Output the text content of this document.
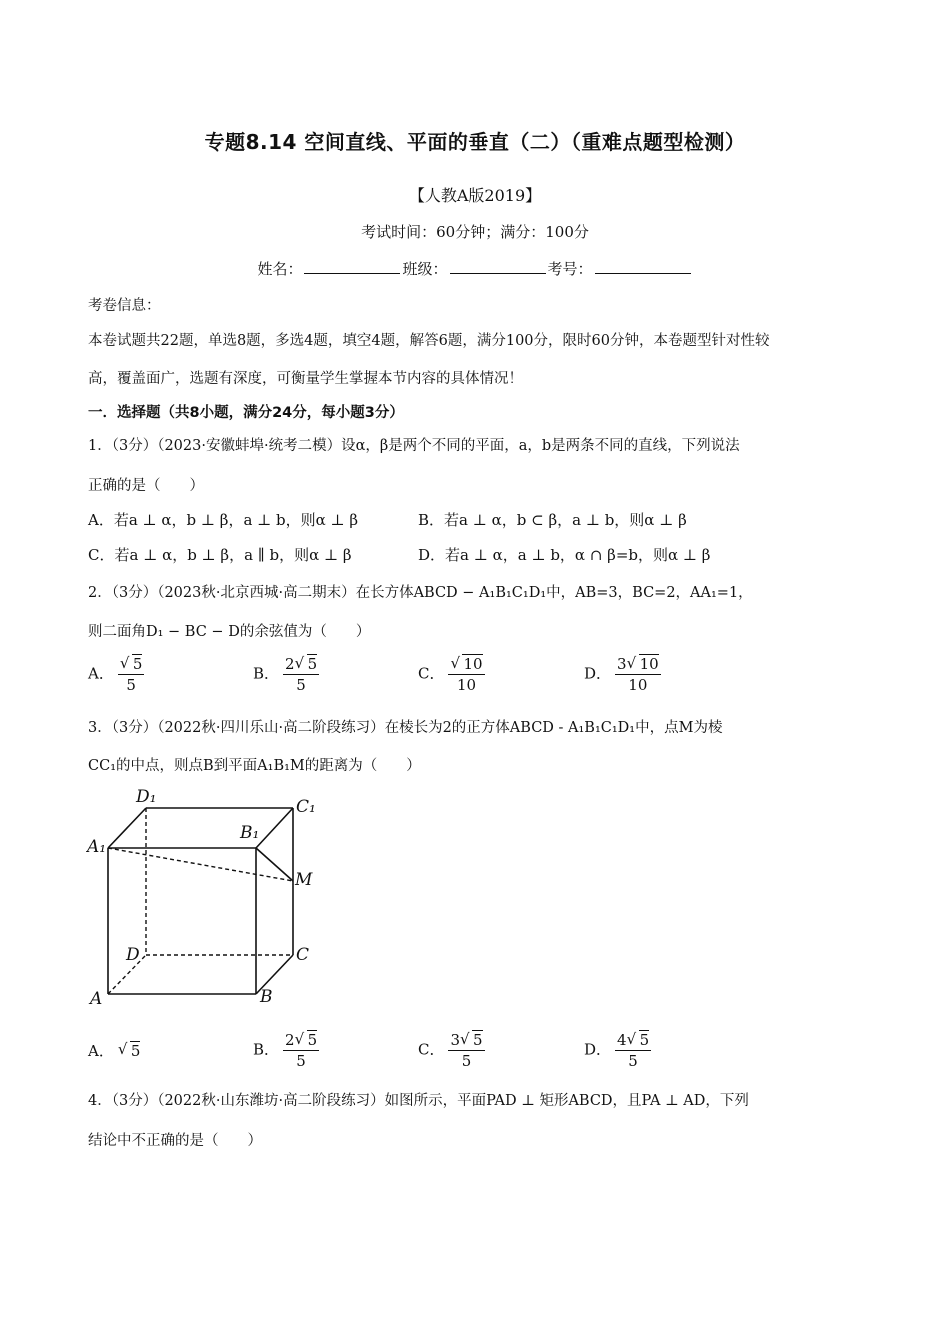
专题8.14 空间直线、平面的垂直（二）（重难点题型检测）
【人教A版2019】
考试时间：60分钟；满分：100分
姓名：	班级：	考号：
考卷信息：
本卷试题共22题，单选8题，多选4题，填空4题，解答6题，满分100分，限时60分钟，本卷题型针对性较
高，覆盖面广，选题有深度，可衡量学生掌握本节内容的具体情况！
一．选择题（共8小题，满分24分，每小题3分）
1．（3分）（2023·安徽蚌埠·统考二模）设α，β是两个不同的平面，a，b是两条不同的直线，下列说法
正确的是（　　）
A．若a ⊥ α，b ⊥ β，a ⊥ b，则α ⊥ β	B．若a ⊥ α，b ⊂ β，a ⊥ b，则α ⊥ β
C．若a ⊥ α，b ⊥ β，a ∥ b，则α ⊥ β	D．若a ⊥ α，a ⊥ b，α ∩ β=b，则α ⊥ β
2．（3分）（2023秋·北京西城·高二期末）在长方体ABCD − A₁B₁C₁D₁中，AB=3，BC=2，AA₁=1，
则二面角D₁ − BC − D的余弦值为（　　）
A． $\frac{√ 5}{5}$	B． $\frac{2 √ 5}{5}$	C． $\frac{√ 10}{10}$	D． $\frac{3 √ 10}{10}$
3．（3分）（2022秋·四川乐山·高二阶段练习）在棱长为2的正方体ABCD - A₁B₁C₁D₁中，点M为棱
CC₁的中点，则点B到平面A₁B₁M的距离为（　　）
A	B
C
D
A₁
B₁
C₁
D₁
M
A． √ 5	B． $\frac{2 √ 5}{5}$	C． $\frac{3 √ 5}{5}$	D． $\frac{4 √ 5}{5}$
4．（3分）（2022秋·山东潍坊·高二阶段练习）如图所示，平面PAD ⊥ 矩形ABCD，且PA ⊥ AD，下列
结论中不正确的是（　　）
